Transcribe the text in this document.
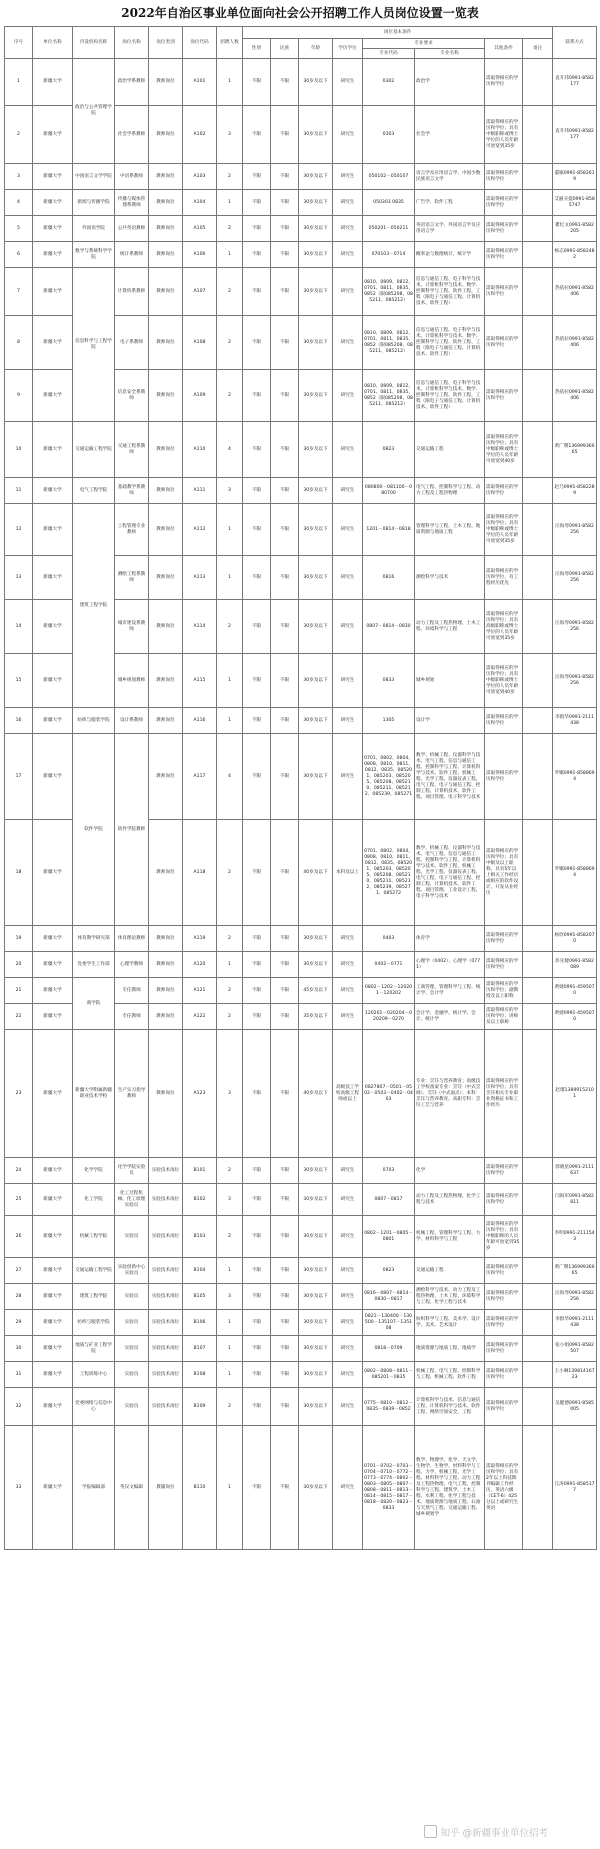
2022年自治区事业单位面向社会公开招聘工作人员岗位设置一览表
序号	单位名称	内设机构名称	岗位名称	岗位类别	岗位代码	招聘人数	岗位基本条件								联系方式
							性别	民族	年龄	学历学位	专业要求		其他条件	备注	
											专业代码	专业名称			
1	新疆大学	政治与公共管理学院	政治学系教师	教师岗位	A101	1	不限	不限	30岁及以下	研究生	0302	政治学	需取得相应的学历和学位		袁升玮0991-8582177
2	新疆大学		社会学系教师	教师岗位	A102	3	不限	不限	30岁及以下	研究生	0303	社会学	需取得相应的学历和学位；具有中级职称或博士学位的人员年龄可放宽到35岁		袁升玮0991-8582177
3	新疆大学	中国语言文学学院	中语系教师	教师岗位	A103	2	不限	不限	30岁及以下	研究生	050102－050107	语言学及应用语言学、中国少数民族语言文学	需取得相应的学历和学位		董雁0991-8582619
4	新疆大学	新闻与传播学院	传播与媒体管理系教师	教师岗位	A104	1	不限	不限	30岁及以下	研究生	050303 0835	广告学、软件工程	需取得相应的学历和学位		艾丽买提0991-8585747
5	新疆大学	外国语学院	公共英语教师	教师岗位	A105	2	不限	不限	30岁及以下	研究生	050201－050211	英语语言文学、外国语言学及应用语言学	需取得相应的学历和学位		瞿忆文0991-8582205
6	新疆大学	数学与系统科学学院	统计系教师	教师岗位	A106	1	不限	不限	30岁及以下	研究生	070103－0714	概率论与数理统计、统计学	需取得相应的学历和学位		杨志0991-8582482
7	新疆大学	信息科学与工程学院	计算机系教师	教师岗位	A107	2	不限	不限	30岁及以下	研究生	0810、0809、0812、0701、0811、0835、0852（限085208、085211、085212）	信息与通信工程、电子科学与技术、计算机科学与技术、数学、控制科学与工程、软件工程、工程（限电子与通信工程、计算机技术、软件工程）	需取得相应的学历和学位		热依拉0991-8582406
8	新疆大学		电子系教师	教师岗位	A108	2	不限	不限	30岁及以下	研究生	0810、0809、0812、0701、0811、0835、0852（限085208、085211、085212）	信息与通信工程、电子科学与技术、计算机科学与技术、数学、控制科学与工程、软件工程、工程（限电子与通信工程、计算机技术、软件工程）	需取得相应的学历和学位		热依拉0991-8582406
9	新疆大学		信息安全系教师	教师岗位	A109	2	不限	不限	30岁及以下	研究生	0810、0809、0812、0701、0811、0835、0852（限085208、085211、085212）	信息与通信工程、电子科学与技术、计算机科学与技术、数学、控制科学与工程、软件工程、工程（限电子与通信工程、计算机技术、软件工程）	需取得相应的学历和学位		热依拉0991-8582406
10	新疆大学	交通运输工程学院	交通工程系教师	教师岗位	A110	4	不限	不限	30岁及以下	研究生	0823	交通运输工程	需取得相应的学历和学位；具有中级职称或博士学位的人员年龄可放宽到40岁		黄广瓒13699936665
11	新疆大学	电气工程学院	基础教学系教师	教师岗位	A111	3	不限	不限	30岁及以下	研究生	080800－081100－080700	电气工程、控制科学与工程、动力工程及工程热物理	需取得相应的学历和学位		赵乃0991-8582289
12	新疆大学	建筑工程学院	工程管理专业教师	教师岗位	A112	1	不限	不限	30岁及以下	研究生	1201－0814－0818	管理科学与工程、土木工程、地质资源与地质工程	需取得相应的学历和学位；具有中级职称或博士学位的人员年龄可放宽到35岁		汪海琴0991-8582256
13	新疆大学		测绘工程系教师	教师岗位	A113	1	不限	不限	30岁及以下	研究生	0816	测绘科学与技术	需取得相应的学历和学位，有工程经历优先		汪海琴0991-8582256
14	新疆大学		城市建设系教师	教师岗位	A114	2	不限	不限	30岁及以下	研究生	0807－0814－0830	动力工程及工程热物理、土木工程、环境科学与工程	需取得相应的学历和学位；具有高级职称或博士学位的人员年龄可放宽到35岁		汪海琴0991-8582256
15	新疆大学		城乡规划教师	教师岗位	A115	1	不限	不限	30岁及以下	研究生	0833	城乡规划	需取得相应的学历和学位；具有中级职称或博士学位的人员年龄可放宽到40岁		汪海琴0991-8582256
16	新疆大学	纺织与服装学院	设计系教师	教师岗位	A116	1	不限	不限	30岁及以下	研究生	1305	设计学	需取得相应的学历和学位		李群华0991-2111438
17	新疆大学	软件学院	软件学院教师	教师岗位	A117	4	不限	不限	30岁及以下	研究生	0701、0802、0804、0808、0810、0811、0812、0835、085201、085203、085205、085208、085210、085211、085212、085239、085271	数学、机械工程、仪器科学与技术、电气工程、信息与通信工程、控制科学与工程、计算机科学与技术、软件工程、机械工程、光学工程、仪器仪表工程、电气工程、电子与通信工程、控制工程、计算机技术、软件工程、项目管理、电子科学与技术	需取得相应的学历和学位		罗娜0991-8588694
18	新疆大学			教师岗位	A118	2	不限	不限	40岁及以下	本科及以上	0701、0802、0804、0808、0810、0811、0812、0835、085201、085203、085205、085208、085210、085211、085212、085239、085271、085272	数学、机械工程、仪器科学与技术、电气工程、信息与通信工程、控制科学与工程、计算机科学与技术、软件工程、机械工程、光学工程、仪器仪表工程、电气工程、电子与通信工程、控制工程、计算机技术、软件工程、项目管理、工业设计工程、电子科学与技术	需取得相应的学历和学位；具有中级及以上职称，具有5年以上相关工作经历或相应的软件设计、开发从业经历		罗娜0991-8588694
19	新疆大学	体育教学研究部	体育理论教师	教师岗位	A119	2	不限	不限	30岁及以下	研究生	0403	体育学	需取得相应的学历和学位		杨欣0991-8582070
20	新疆大学	党委学生工作部	心理学教师	教师岗位	A120	1	不限	不限	30岁及以下	研究生	0402－0771	心理学（0402）、心理学（0771）	需取得相应的学历和学位		彭先婕0991-8582089
21	新疆大学	商学院	专任教师	教师岗位	A121	2	不限	不限	45岁及以下	研究生	0802－1202－120201－120202	工商管理、管理科学与工程、统计学、会计学	需取得相应的学历和学位；副教授及以上职称		黄婧0991-4595070
22	新疆大学		专任教师	教师岗位	A122	2	不限	不限	35岁及以下	研究生	120201－020204－020209－0270	会计学、金融学、统计学、会计、统计学	需取得相应的学历和学位；讲师及以上职称		黄婧0991-4595070
23	新疆大学	新疆大学附属新疆职业技术学校	生产实习指导教师	教师岗位	A123	3	不限	不限	40岁及以下	高级技工学校高级工程师或以上	0827807－0501－0502－0503－0402－0403	专业：烹饪与营养教育；高级技工学校备案专业：烹饪（中式烹调）、烹饪（中式面点）；本科：烹饪与营养教育、高职专科：烹饪工艺与营养	需取得相应的学历和学位；具有烹饪相关专业职业资格证书和工作经历		赵瑾13899152101
24	新疆大学	化学学院	化学学院实验员	实验技术岗位	B101	2	不限	不限	30岁及以下	研究生	0703	化学	需取得相应的学历和学位		郭晓星0991-2111637
25	新疆大学	化工学院	化工过程机械、化工原理实验员	实验技术岗位	B102	3	不限	不限	30岁及以下	研究生	0807－0817	动力工程及工程热物理、化学工程与技术	需取得相应的学历和学位		闫海军0991-8582811
26	新疆大学	机械工程学院	实验员	实验技术岗位	B103	2	不限	不限	30岁及以下	研究生	0802－1201－0805－0801	机械工程、管理科学与工程、力学、材料科学与工程	需取得相应的学历和学位；具有中级职称的人员年龄可放宽到35岁		李明0991-2111543
27	新疆大学	交通运输工程学院	实验创新中心实验员	实验技术岗位	B104	1	不限	不限	30岁及以下	研究生	0823	交通运输工程	需取得相应的学历和学位		黄广瓒13699936665
28	新疆大学	建筑工程学院	实验员	实验技术岗位	B105	3	不限	不限	30岁及以下	研究生	0816－0807－0814－0830－0817	测绘科学与技术、动力工程及工程热物理、土木工程、环境科学与工程、化学工程与技术	需取得相应的学历和学位		汪海琴0991-8582256
29	新疆大学	纺织与服装学院	实验员	实验技术岗位	B106	1	不限	不限	30岁及以下	研究生	0821－130400－130500－135107－135108	纺织科学与工程、美术学、设计学、美术、艺术设计	需取得相应的学历和学位		李群华0991-2111438
30	新疆大学	地质与矿业工程学院	实验员	实验技术岗位	B107	1	不限	不限	30岁及以下	研究生	0818－0709	地质资源与地质工程、地质学	需取得相应的学历和学位		张小娟0991-8582507
31	新疆大学	工程训练中心	实验员	实验技术岗位	B108	1	不限	不限	30岁及以下	研究生	0802－0808－0811－085201－0835	机械工程、电气工程、控制科学与工程、机械工程、软件工程	需取得相应的学历和学位		王小琳13981416723
32	新疆大学	党委网络与信息中心	实验员	实验技术岗位	B109	2	不限	不限	30岁及以下	研究生	0775－0810－0812－0835－0839－0852	计算机科学与技术、信息与通信工程、计算机科学与技术、软件工程、网络空间安全、工程	需取得相应的学历和学位		吴健德0991-8585005
33	新疆大学	学报编辑部	英汉文编辑	教辅岗位	B110	1	不限	不限	30岁及以下	研究生	0701－0702－0703－0704－0710－0772－0773－0774－0802－0803－0805－0807－0808－0811－0813－0814－0815－0817－0818－0820－0823－0833	数学、物理学、化学、天文学、生物学、生物学、材料科学与工程、力学、机械工程、光学工程、材料科学与工程、动力工程及工程热物理、电气工程、控制科学与工程、建筑学、土木工程、水利工程、化学工程与技术、地质资源与地质工程、石油与天然气工程、交通运输工程、城乡规划学	需取得相应的学历和学位；具有2年以上科技期刊编辑工作经历，英语六级（CET-6）425分以上或研究生英语		江涛0991-8585177
知乎 @新疆事业单位招考
